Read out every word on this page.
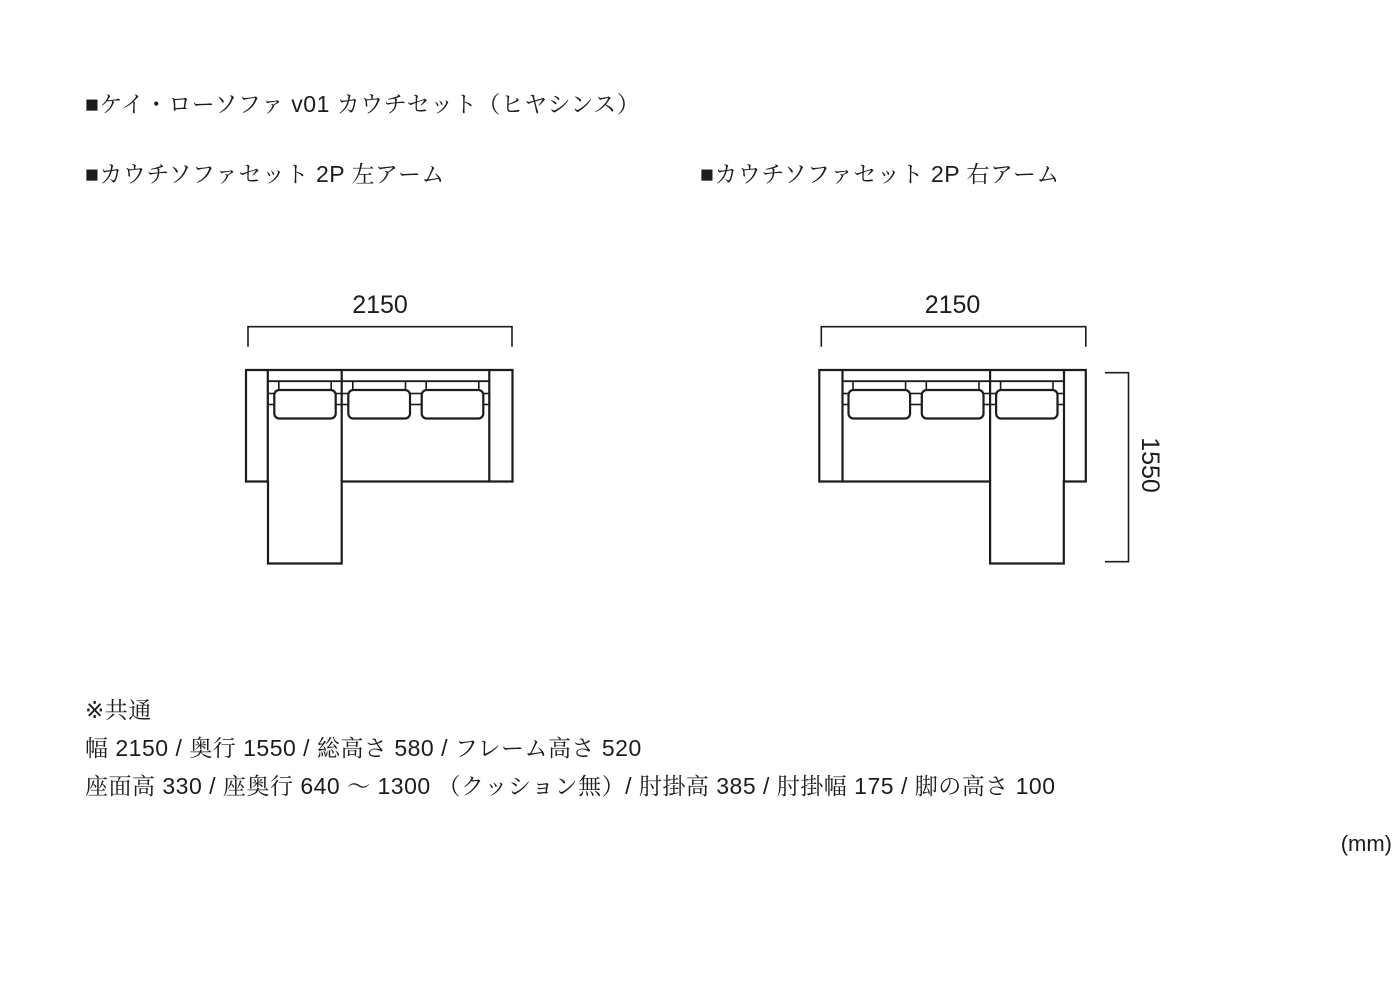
■ケイ・ローソファ v01 カウチセット（ヒヤシンス）
■カウチソファセット 2P 左アーム	■カウチソファセット 2P 右アーム
2150	2150
1550
※共通
幅 2150 / 奥行 1550 / 総高さ 580 / フレーム高さ 520
座面高 330 / 座奥行 640 ～ 1300 （クッション無）/ 肘掛高 385 / 肘掛幅 175 / 脚の高さ 100
(mm)
